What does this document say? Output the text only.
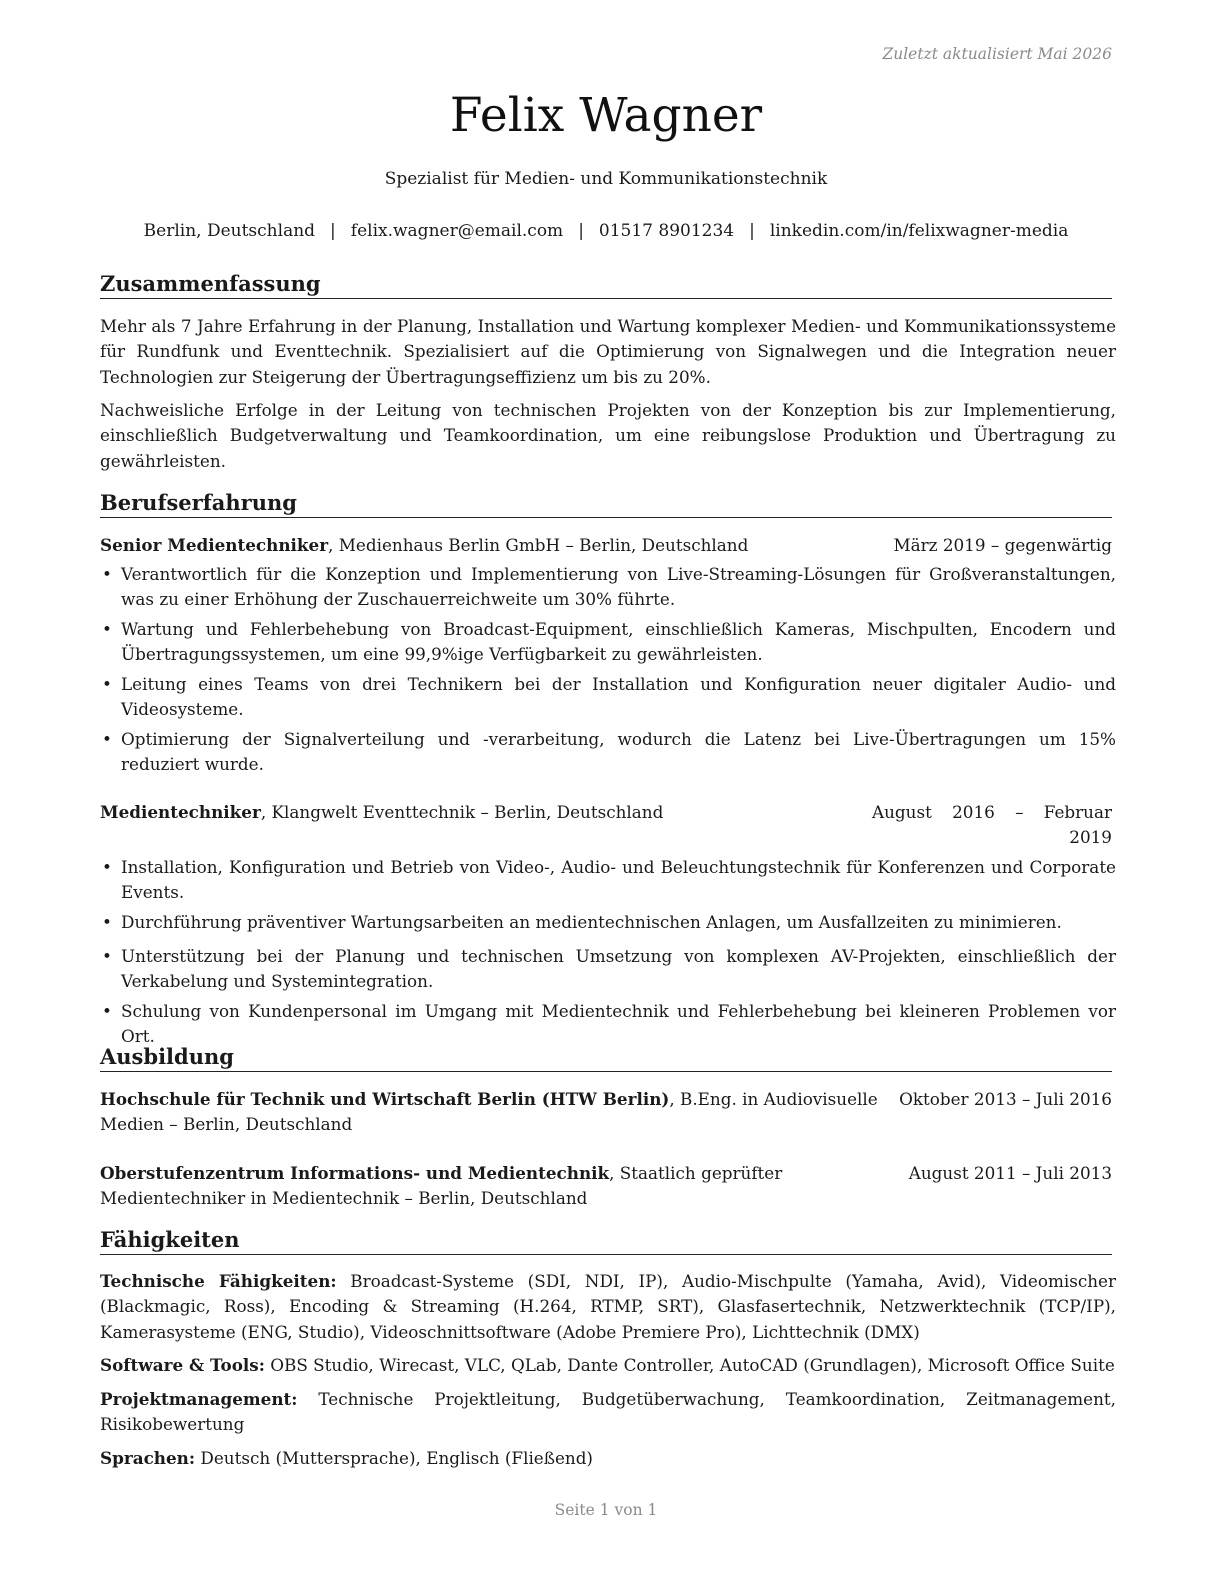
Zuletzt aktualisiert Mai 2026
Felix Wagner
Spezialist für Medien- und Kommunikationstechnik
Berlin, Deutschland | felix.wagner@email.com | 01517 8901234 | linkedin.com/in/felixwagner-media
Zusammenfassung
Mehr als 7 Jahre Erfahrung in der Planung, Installation und Wartung komplexer Medien- und Kommunikationssysteme für Rundfunk und Eventtechnik. Spezialisiert auf die Optimierung von Signalwegen und die Integration neuer Technologien zur Steigerung der Übertragungseffizienz um bis zu 20%.
Nachweisliche Erfolge in der Leitung von technischen Projekten von der Konzeption bis zur Implementierung, einschließlich Budgetverwaltung und Teamkoordination, um eine reibungslose Produktion und Übertragung zu gewährleisten.
Berufserfahrung
Senior Medientechniker, Medienhaus Berlin GmbH – Berlin, Deutschland	März 2019 – gegenwärtig
• Verantwortlich für die Konzeption und Implementierung von Live-Streaming-Lösungen für Großveranstaltungen, was zu einer Erhöhung der Zuschauerreichweite um 30% führte.
• Wartung und Fehlerbehebung von Broadcast-Equipment, einschließlich Kameras, Mischpulten, Encodern und Übertragungssystemen, um eine 99,9%ige Verfügbarkeit zu gewährleisten.
• Leitung eines Teams von drei Technikern bei der Installation und Konfiguration neuer digitaler Audio- und Videosysteme.
• Optimierung der Signalverteilung und -verarbeitung, wodurch die Latenz bei Live-Übertragungen um 15% reduziert wurde.
Medientechniker, Klangwelt Eventtechnik – Berlin, Deutschland	August 2016 – Februar 2019
• Installation, Konfiguration und Betrieb von Video-, Audio- und Beleuchtungstechnik für Konferenzen und Corporate Events.
• Durchführung präventiver Wartungsarbeiten an medientechnischen Anlagen, um Ausfallzeiten zu minimieren.
• Unterstützung bei der Planung und technischen Umsetzung von komplexen AV-Projekten, einschließlich der Verkabelung und Systemintegration.
• Schulung von Kundenpersonal im Umgang mit Medientechnik und Fehlerbehebung bei kleineren Problemen vor Ort.
Ausbildung
Hochschule für Technik und Wirtschaft Berlin (HTW Berlin), B.Eng. in Audiovisuelle Medien – Berlin, Deutschland
Oktober 2013 – Juli 2016
Oberstufenzentrum Informations- und Medientechnik, Staatlich geprüfter Medientechniker in Medientechnik – Berlin, Deutschland
August 2011 – Juli 2013
Fähigkeiten
Technische Fähigkeiten: Broadcast-Systeme (SDI, NDI, IP), Audio-Mischpulte (Yamaha, Avid), Videomischer (Blackmagic, Ross), Encoding & Streaming (H.264, RTMP, SRT), Glasfasertechnik, Netzwerktechnik (TCP/IP), Kamerasysteme (ENG, Studio), Videoschnittsoftware (Adobe Premiere Pro), Lichttechnik (DMX)
Software & Tools: OBS Studio, Wirecast, VLC, QLab, Dante Controller, AutoCAD (Grundlagen), Microsoft Office Suite
Projektmanagement: Technische Projektleitung, Budgetüberwachung, Teamkoordination, Zeitmanagement, Risikobewertung
Sprachen: Deutsch (Muttersprache), Englisch (Fließend)
Seite 1 von 1
